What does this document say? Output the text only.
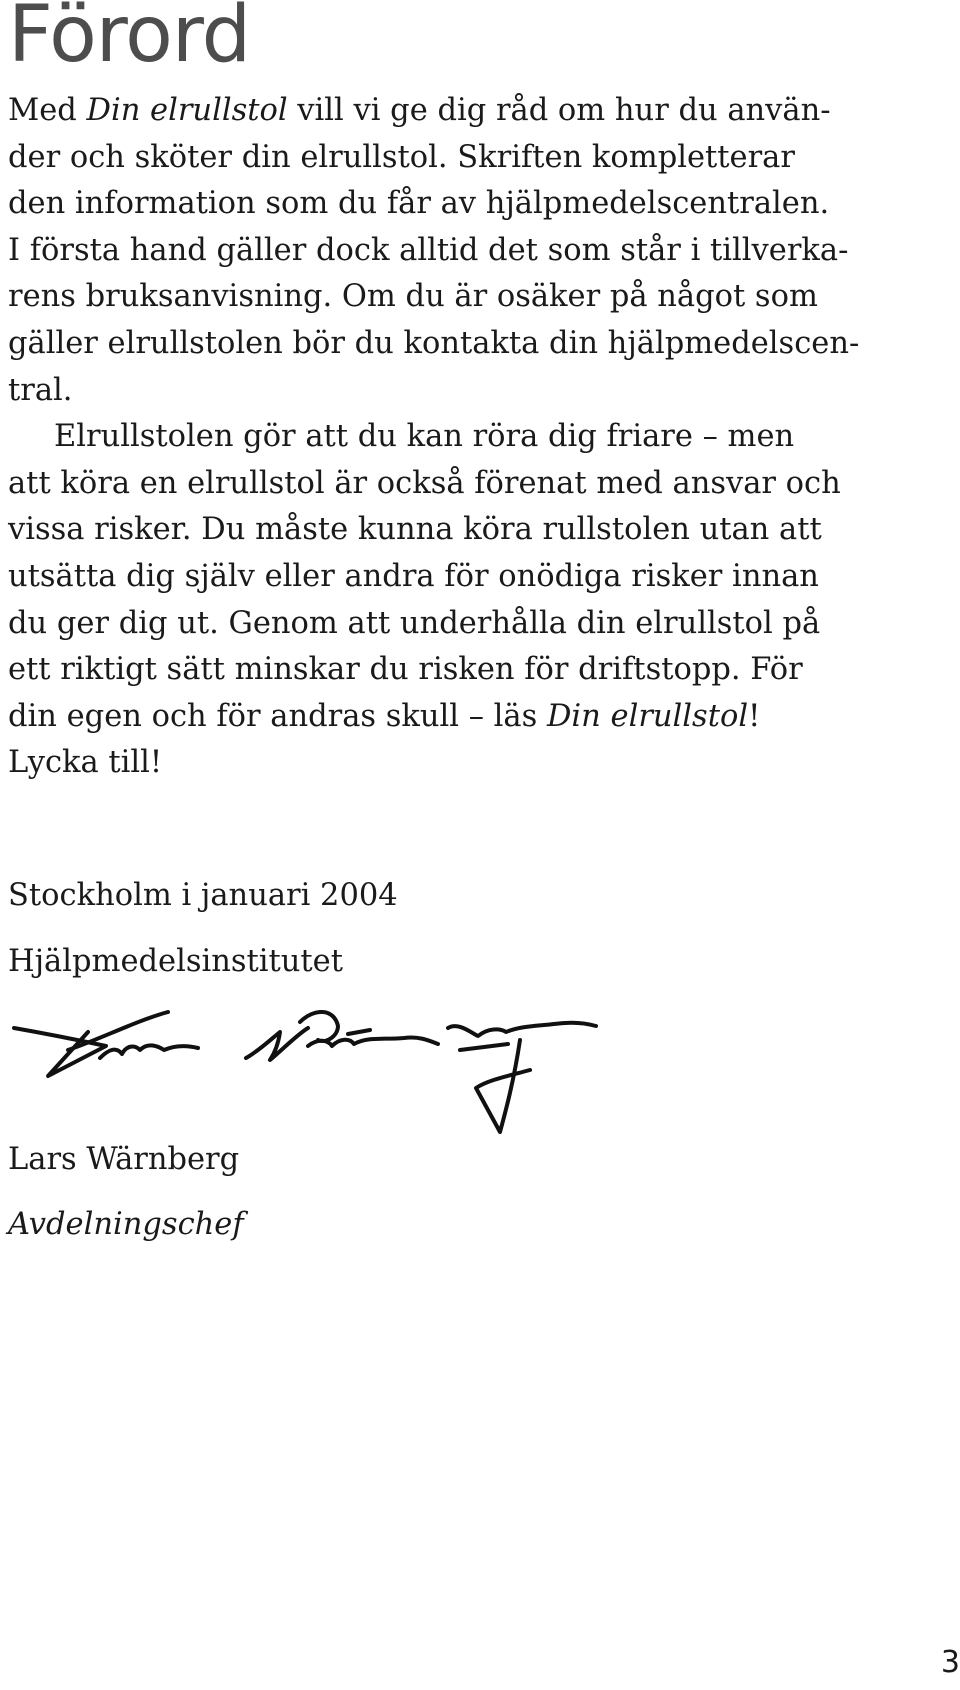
Förord

Med Din elrullstol vill vi ge dig råd om hur du använ-

der och sköter din elrullstol. Skriften kompletterar

den information som du får av hjälpmedelscentralen.

I första hand gäller dock alltid det som står i tillverka-

rens bruksanvisning. Om du är osäker på något som

gäller elrullstolen bör du kontakta din hjälpmedelscen-

tral.

Elrullstolen gör att du kan röra dig friare – men

att köra en elrullstol är också förenat med ansvar och

vissa risker. Du måste kunna köra rullstolen utan att

utsätta dig själv eller andra för onödiga risker innan

du ger dig ut. Genom att underhålla din elrullstol på

ett riktigt sätt minskar du risken för driftstopp. För

din egen och för andras skull – läs Din elrullstol!

Lycka till!

Stockholm i januari 2004

Hjälpmedelsinstitutet

Lars Wärnberg

Avdelningschef

3
